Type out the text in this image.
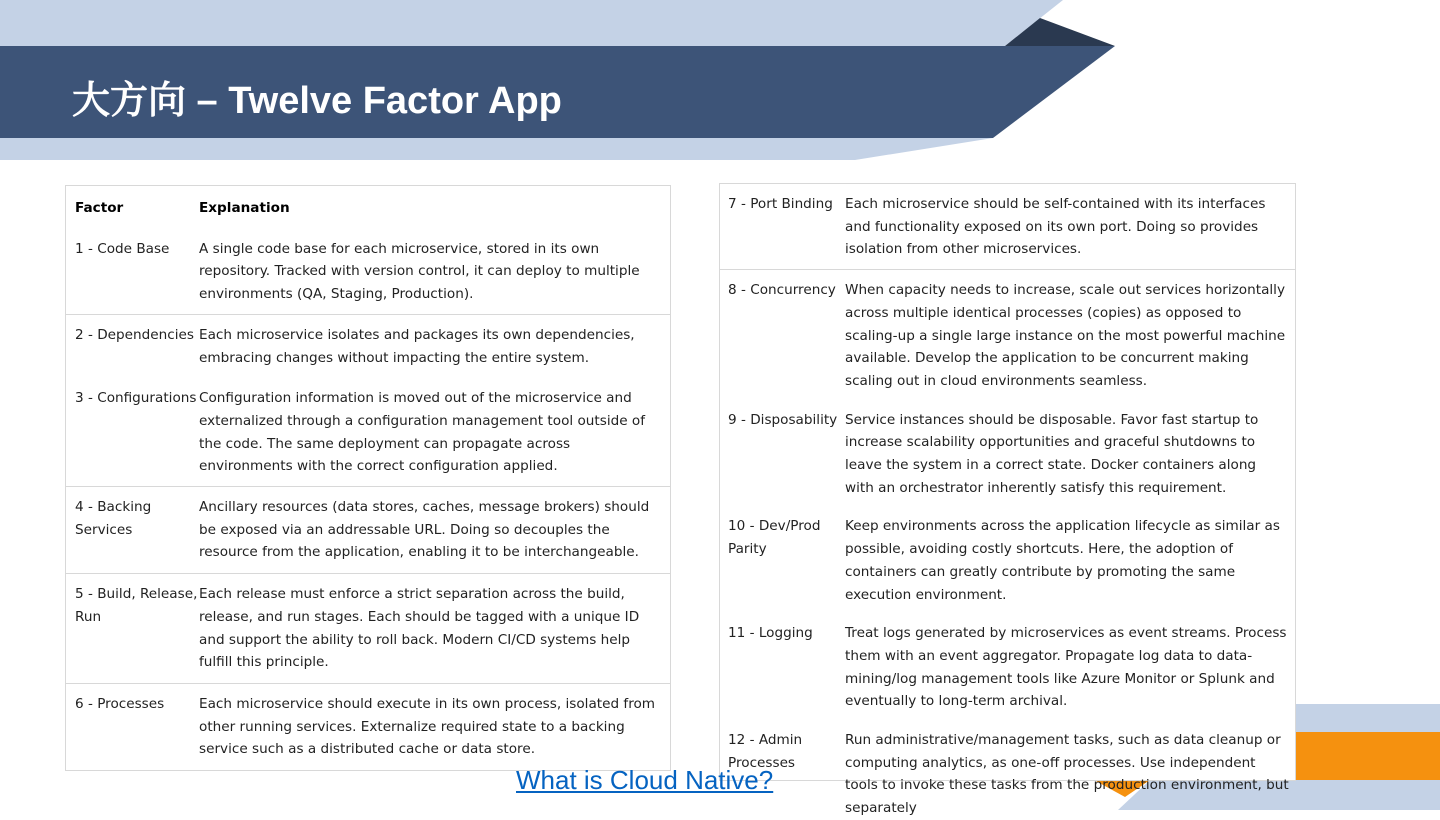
大方向 – Twelve Factor App
Factor	Explanation
1 - Code Base	A single code base for each microservice, stored in its own repository. Tracked with version control, it can deploy to multiple environments (QA, Staging, Production).
2 - Dependencies	Each microservice isolates and packages its own dependencies, embracing changes without impacting the entire system.
3 - Configurations	Configuration information is moved out of the microservice and externalized through a configuration management tool outside of the code. The same deployment can propagate across environments with the correct configuration applied.
4 - Backing Services	Ancillary resources (data stores, caches, message brokers) should be exposed via an addressable URL. Doing so decouples the resource from the application, enabling it to be interchangeable.
5 - Build, Release, Run	Each release must enforce a strict separation across the build, release, and run stages. Each should be tagged with a unique ID and support the ability to roll back. Modern CI/CD systems help fulfill this principle.
6 - Processes	Each microservice should execute in its own process, isolated from other running services. Externalize required state to a backing service such as a distributed cache or data store.
7 - Port Binding	Each microservice should be self-contained with its interfaces and functionality exposed on its own port. Doing so provides isolation from other microservices.
8 - Concurrency	When capacity needs to increase, scale out services horizontally across multiple identical processes (copies) as opposed to scaling-up a single large instance on the most powerful machine available. Develop the application to be concurrent making scaling out in cloud environments seamless.
9 - Disposability	Service instances should be disposable. Favor fast startup to increase scalability opportunities and graceful shutdowns to leave the system in a correct state. Docker containers along with an orchestrator inherently satisfy this requirement.
10 - Dev/Prod Parity	Keep environments across the application lifecycle as similar as possible, avoiding costly shortcuts. Here, the adoption of containers can greatly contribute by promoting the same execution environment.
11 - Logging	Treat logs generated by microservices as event streams. Process them with an event aggregator. Propagate log data to data-mining/log management tools like Azure Monitor or Splunk and eventually to long-term archival.
12 - Admin Processes	Run administrative/management tasks, such as data cleanup or computing analytics, as one-off processes. Use independent tools to invoke these tasks from the production environment, but separately
What is Cloud Native?
